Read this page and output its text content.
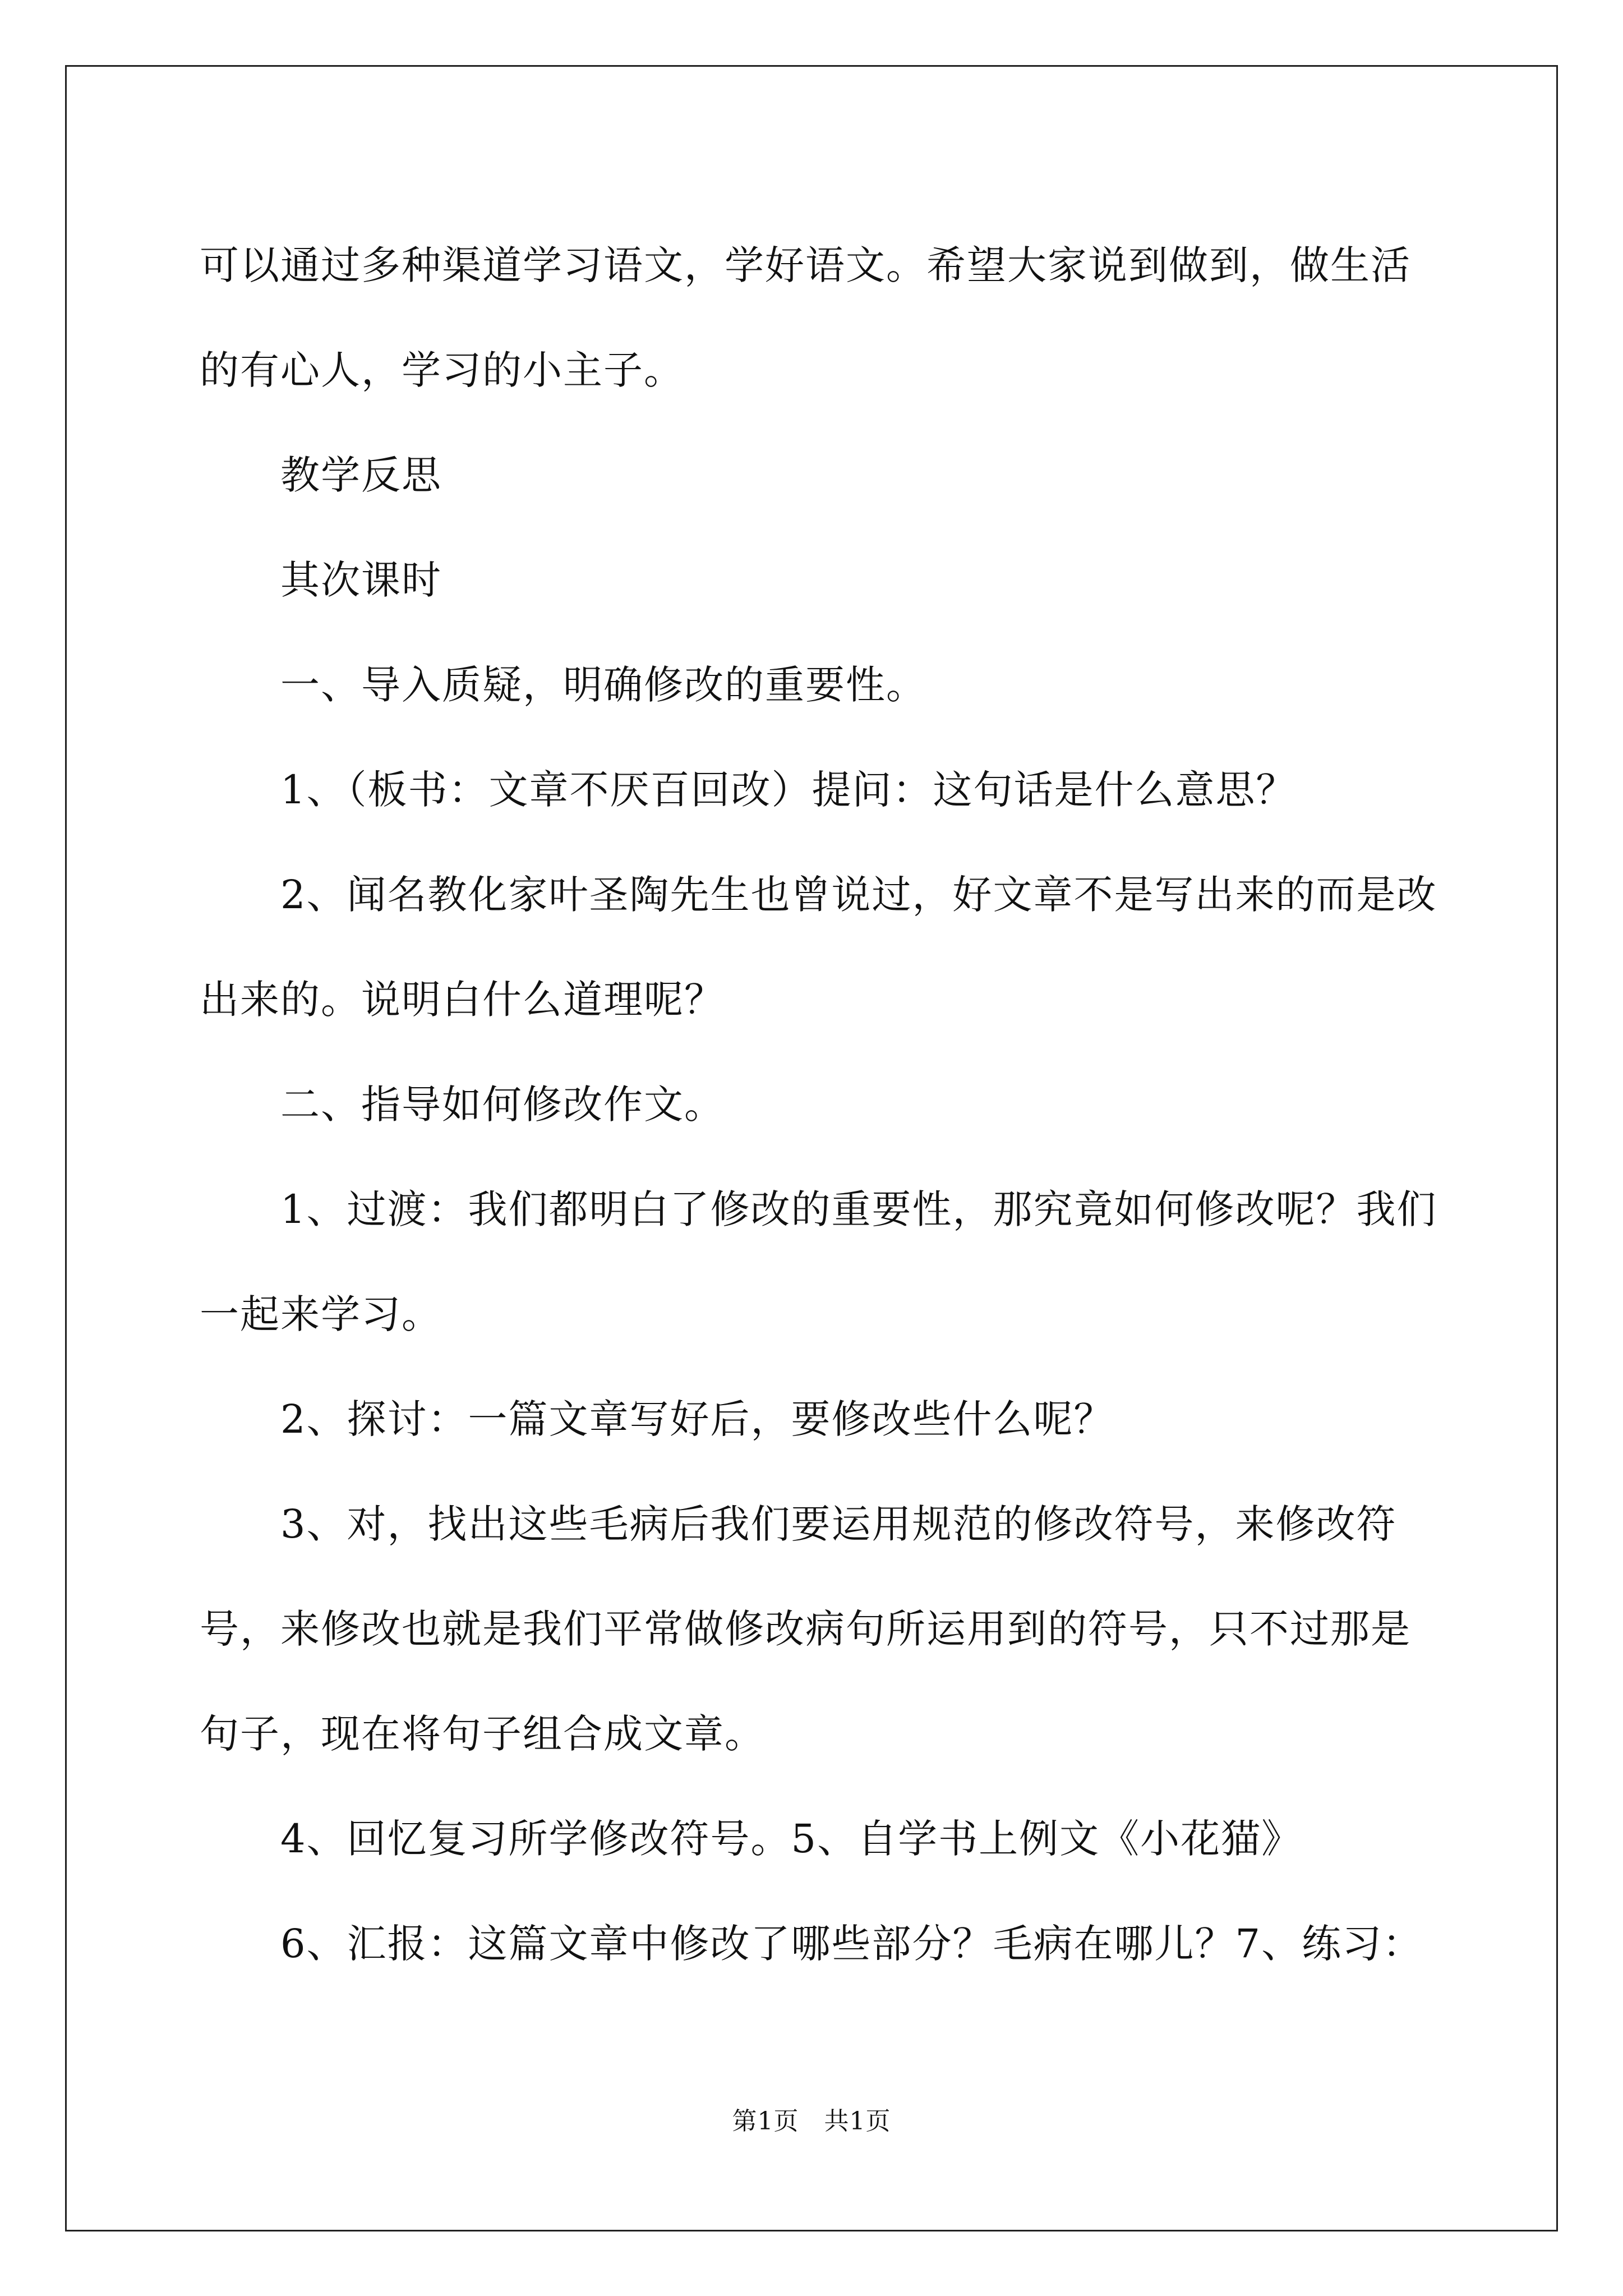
可以通过多种渠道学习语文，学好语文。希望大家说到做到，做生活的有心人，学习的小主子。

　　教学反思

　　其次课时

　　一、导入质疑，明确修改的重要性。

　　1、（板书：文章不厌百回改）提问：这句话是什么意思？

　　2、闻名教化家叶圣陶先生也曾说过，好文章不是写出来的而是改出来的。说明白什么道理呢？

　　二、指导如何修改作文。

　　1、过渡：我们都明白了修改的重要性，那究竟如何修改呢？我们一起来学习。

　　2、探讨：一篇文章写好后，要修改些什么呢？

　　3、对，找出这些毛病后我们要运用规范的修改符号，来修改符号，来修改也就是我们平常做修改病句所运用到的符号，只不过那是句子，现在将句子组合成文章。

　　4、回忆复习所学修改符号。5、自学书上例文《小花猫》

　　6、汇报：这篇文章中修改了哪些部分？毛病在哪儿？7、练习：

第1页　共1页
